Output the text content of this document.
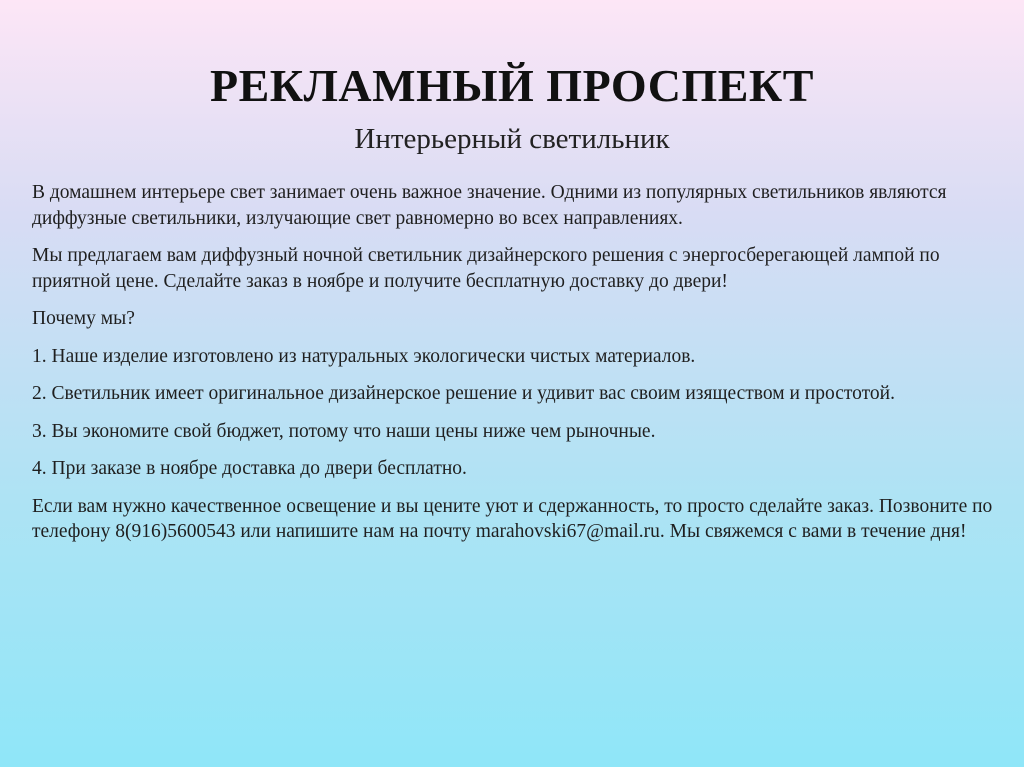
РЕКЛАМНЫЙ ПРОСПЕКТ
Интерьерный светильник

В домашнем интерьере свет занимает очень важное значение. Одними из популярных светильников являются диффузные светильники, излучающие свет равномерно во всех направлениях.

Мы предлагаем вам диффузный ночной светильник дизайнерского решения с энергосберегающей лампой по приятной цене. Сделайте заказ в ноябре и получите бесплатную доставку до двери!

Почему мы?

1. Наше изделие изготовлено из натуральных экологически чистых материалов.

2. Светильник имеет оригинальное дизайнерское решение и удивит вас своим изяществом и простотой.

3. Вы экономите свой бюджет, потому что наши цены ниже чем рыночные.

4. При заказе в ноябре доставка до двери бесплатно.

Если вам нужно качественное освещение и вы цените уют и сдержанность, то просто сделайте заказ. Позвоните по телефону 8(916)5600543 или напишите нам на почту marahovski67@mail.ru. Мы свяжемся с вами в течение дня!
